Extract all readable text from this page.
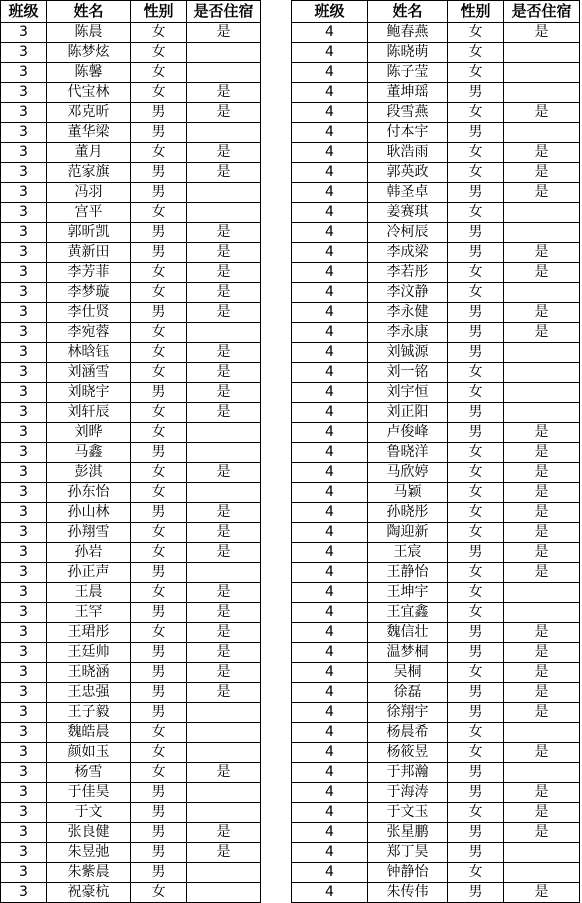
班级	姓名	性别	是否住宿
3	陈晨	女	是
3	陈梦炫	女	
3	陈馨	女	
3	代宝林	女	是
3	邓克昕	男	是
3	董华梁	男	
3	董月	女	是
3	范家旗	男	是
3	冯羽	男	
3	宫平	女	
3	郭昕凯	男	是
3	黄新田	男	是
3	李芳菲	女	是
3	李梦璇	女	是
3	李仕贤	男	是
3	李宛蓉	女	
3	林晗钰	女	是
3	刘涵雪	女	是
3	刘晓宇	男	是
3	刘轩辰	女	是
3	刘晔	女	
3	马鑫	男	
3	彭淇	女	是
3	孙东怡	女	
3	孙山林	男	是
3	孙翔雪	女	是
3	孙岩	女	是
3	孙正声	男	
3	王晨	女	是
3	王罕	男	是
3	王珺彤	女	是
3	王廷帅	男	是
3	王晓涵	男	是
3	王忠强	男	是
3	王子毅	男	
3	魏皓晨	女	
3	颜如玉	女	
3	杨雪	女	是
3	于佳昊	男	
3	于文	男	
3	张良健	男	是
3	朱昱弛	男	是
3	朱紫晨	男	
3	祝豪杭	女	
班级	姓名	性别	是否住宿
4	鲍春燕	女	是
4	陈晓萌	女	
4	陈子莹	女	
4	董坤瑶	男	
4	段雪燕	女	是
4	付本宇	男	
4	耿浩雨	女	是
4	郭英政	女	是
4	韩圣卓	男	是
4	姜赛琪	女	
4	冷柯辰	男	
4	李成梁	男	是
4	李若彤	女	是
4	李汶静	女	
4	李永健	男	是
4	李永康	男	是
4	刘铖源	男	
4	刘一铭	女	
4	刘宇恒	女	
4	刘正阳	男	
4	卢俊峰	男	是
4	鲁晓洋	女	是
4	马欣婷	女	是
4	马颖	女	是
4	孙晓彤	女	是
4	陶迎新	女	是
4	王宸	男	是
4	王静怡	女	是
4	王坤宇	女	
4	王宜鑫	女	
4	魏信壮	男	是
4	温梦桐	男	是
4	吴桐	女	是
4	徐磊	男	是
4	徐翔宇	男	是
4	杨晨希	女	
4	杨筱昱	女	是
4	于邦瀚	男	
4	于海涛	男	是
4	于文玉	女	是
4	张星鹏	男	是
4	郑丁昊	男	
4	钟静怡	女	
4	朱传伟	男	是
